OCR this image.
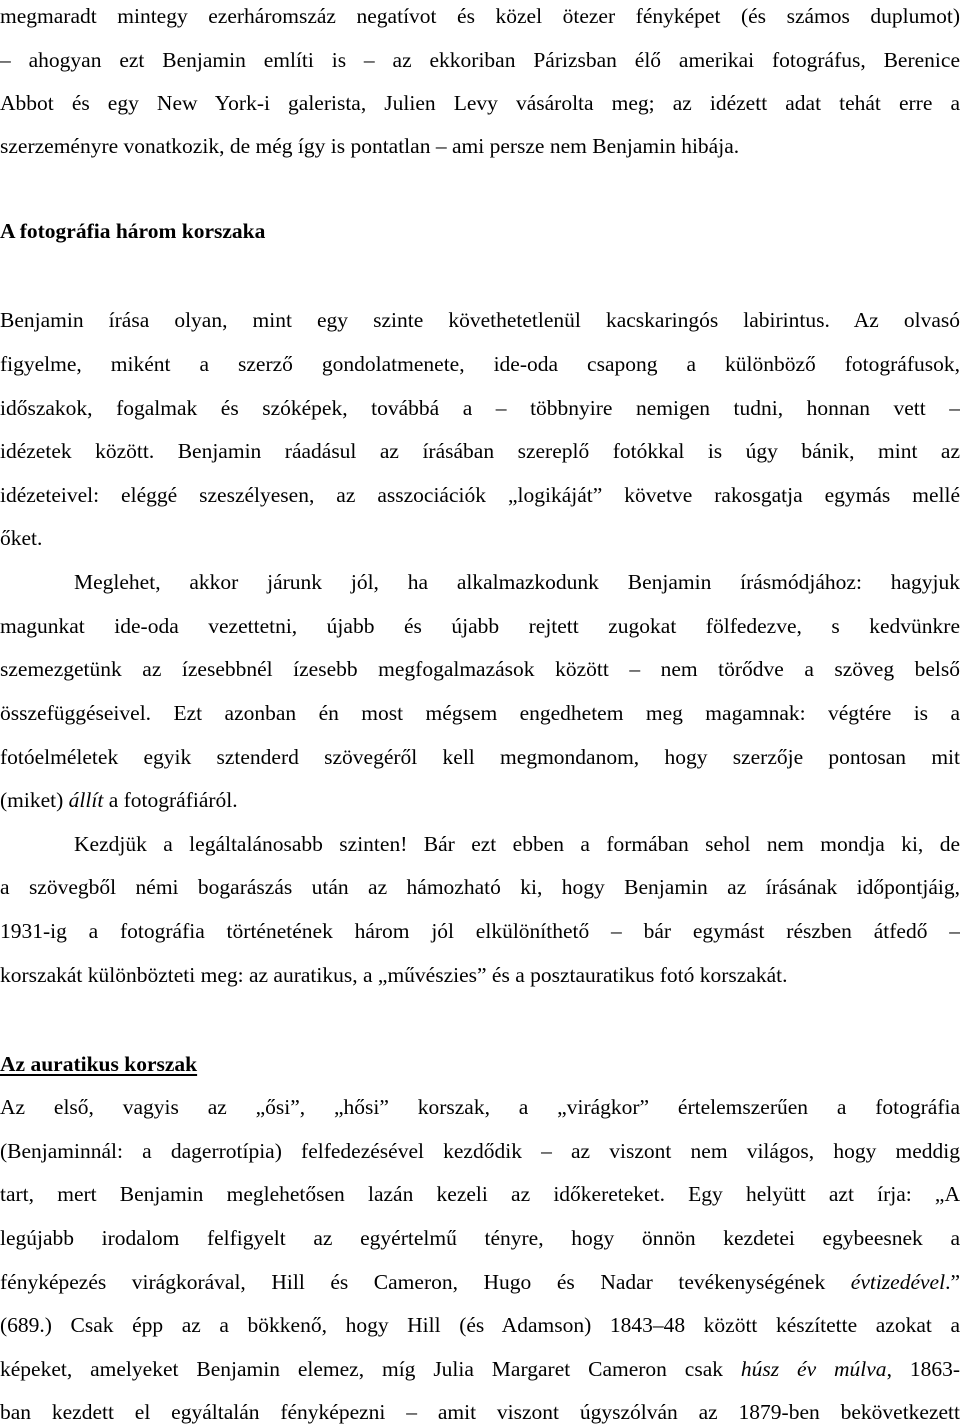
megmaradt mintegy ezerháromszáz negatívot és közel ötezer fényképet (és számos duplumot)
– ahogyan ezt Benjamin említi is – az ekkoriban Párizsban élő amerikai fotográfus, Berenice
Abbot és egy New York-i galerista, Julien Levy vásárolta meg; az idézett adat tehát erre a
szerzeményre vonatkozik, de még így is pontatlan – ami persze nem Benjamin hibája.
A fotográfia három korszaka
Benjamin írása olyan, mint egy szinte követhetetlenül kacskaringós labirintus. Az olvasó
figyelme, miként a szerző gondolatmenete, ide-oda csapong a különböző fotográfusok,
időszakok, fogalmak és szóképek, továbbá a – többnyire nemigen tudni, honnan vett –
idézetek között. Benjamin ráadásul az írásában szereplő fotókkal is úgy bánik, mint az
idézeteivel: eléggé szeszélyesen, az asszociációk „logikáját” követve rakosgatja egymás mellé
őket.
Meglehet, akkor járunk jól, ha alkalmazkodunk Benjamin írásmódjához: hagyjuk
magunkat ide-oda vezettetni, újabb és újabb rejtett zugokat fölfedezve, s kedvünkre
szemezgetünk az ízesebbnél ízesebb megfogalmazások között – nem törődve a szöveg belső
összefüggéseivel. Ezt azonban én most mégsem engedhetem meg magamnak: végtére is a
fotóelméletek egyik sztenderd szövegéről kell megmondanom, hogy szerzője pontosan mit
(miket) állít a fotográfiáról.
Kezdjük a legáltalánosabb szinten! Bár ezt ebben a formában sehol nem mondja ki, de
a szövegből némi bogarászás után az hámozható ki, hogy Benjamin az írásának időpontjáig,
1931-ig a fotográfia történetének három jól elkülöníthető – bár egymást részben átfedő –
korszakát különbözteti meg: az auratikus, a „művészies” és a posztauratikus fotó korszakát.
Az auratikus korszak
Az első, vagyis az „ősi”, „hősi” korszak, a „virágkor” értelemszerűen a fotográfia
(Benjaminnál: a dagerrotípia) felfedezésével kezdődik – az viszont nem világos, hogy meddig
tart, mert Benjamin meglehetősen lazán kezeli az időkereteket. Egy helyütt azt írja: „A
legújabb irodalom felfigyelt az egyértelmű tényre, hogy önnön kezdetei egybeesnek a
fényképezés virágkorával, Hill és Cameron, Hugo és Nadar tevékenységének évtizedével.”
(689.) Csak épp az a bökkenő, hogy Hill (és Adamson) 1843–48 között készítette azokat a
képeket, amelyeket Benjamin elemez, míg Julia Margaret Cameron csak húsz év múlva, 1863-
ban kezdett el egyáltalán fényképezni – amit viszont úgyszólván az 1879-ben bekövetkezett
